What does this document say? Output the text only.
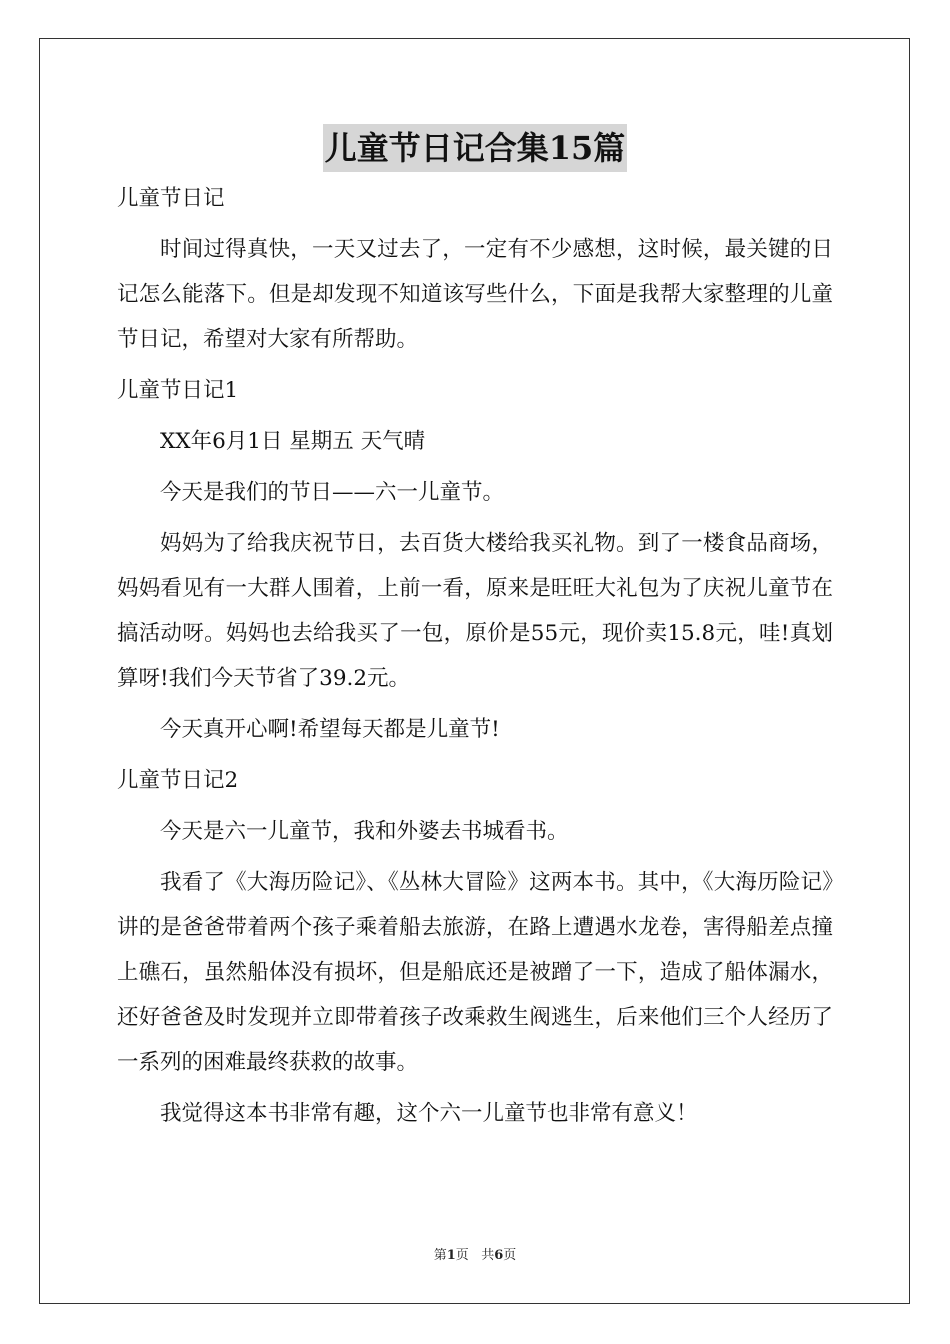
儿童节日记合集15篇
儿童节日记
时间过得真快，一天又过去了，一定有不少感想，这时候，最关键的日记怎么能落下。但是却发现不知道该写些什么，下面是我帮大家整理的儿童节日记，希望对大家有所帮助。
儿童节日记1
XX年6月1日 星期五 天气晴
今天是我们的节日——六一儿童节。
妈妈为了给我庆祝节日，去百货大楼给我买礼物。到了一楼食品商场，妈妈看见有一大群人围着，上前一看，原来是旺旺大礼包为了庆祝儿童节在搞活动呀。妈妈也去给我买了一包，原价是55元，现价卖15.8元，哇!真划算呀!我们今天节省了39.2元。
今天真开心啊!希望每天都是儿童节!
儿童节日记2
今天是六一儿童节，我和外婆去书城看书。
我看了《大海历险记》、《丛林大冒险》这两本书。其中，《大海历险记》讲的是爸爸带着两个孩子乘着船去旅游，在路上遭遇水龙卷，害得船差点撞上礁石，虽然船体没有损坏，但是船底还是被蹭了一下，造成了船体漏水，还好爸爸及时发现并立即带着孩子改乘救生阀逃生，后来他们三个人经历了一系列的困难最终获救的故事。
我觉得这本书非常有趣，这个六一儿童节也非常有意义！
第1页 共6页
